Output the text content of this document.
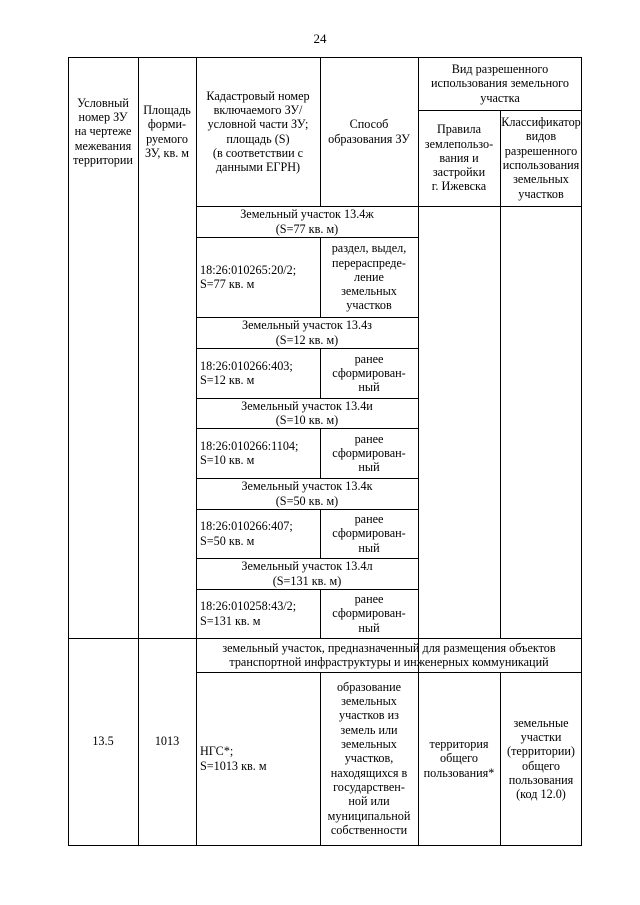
24
Условный
номер ЗУ
на чертеже
межевания
территории
Площадь
форми-
руемого
ЗУ, кв. м
Кадастровый номер
включаемого ЗУ/
условной части ЗУ;
площадь (S)
(в соответствии с
данными ЕГРН)
Способ
образования ЗУ
Вид разрешенного
использования земельного
участка
Правила
землепользо-
вания и
застройки
г. Ижевска
Классификатор
видов
разрешенного
использования
земельных
участков
Земельный участок 13.4ж
(S=77 кв. м)
18:26:010265:20/2;
S=77 кв. м
раздел, выдел,
перераспреде-
ление
земельных
участков
Земельный участок 13.4з
(S=12 кв. м)
18:26:010266:403;
S=12 кв. м
ранее
сформирован-
ный
Земельный участок 13.4и
(S=10 кв. м)
18:26:010266:1104;
S=10 кв. м
ранее
сформирован-
ный
Земельный участок 13.4к
(S=50 кв. м)
18:26:010266:407;
S=50 кв. м
ранее
сформирован-
ный
Земельный участок 13.4л
(S=131 кв. м)
18:26:010258:43/2;
S=131 кв. м
ранее
сформирован-
ный
13.5	1013
земельный участок, предназначенный для размещения объектов
транспортной инфраструктуры и инженерных коммуникаций
НГС*;
S=1013 кв. м
образование
земельных
участков из
земель или
земельных
участков,
находящихся в
государствен-
ной или
муниципальной
собственности
территория
общего
пользования*
земельные
участки
(территории)
общего
пользования
(код 12.0)
